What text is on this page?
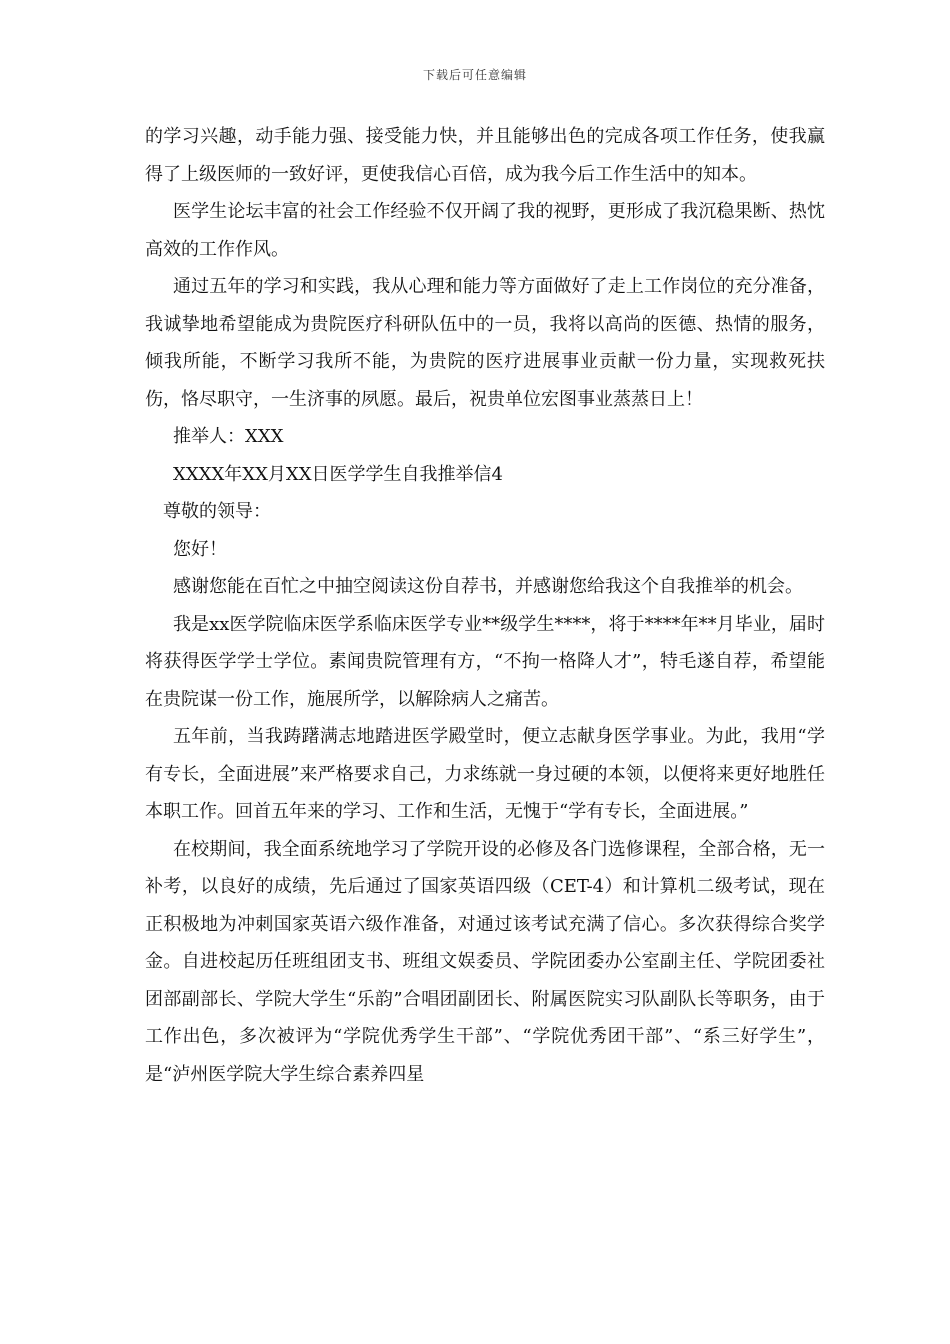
下载后可任意编辑

的学习兴趣，动手能力强、接受能力快，并且能够出色的完成各项工作任务，使我赢得了上级医师的一致好评，更使我信心百倍，成为我今后工作生活中的知本。

医学生论坛丰富的社会工作经验不仅开阔了我的视野，更形成了我沉稳果断、热忱高效的工作作风。

通过五年的学习和实践，我从心理和能力等方面做好了走上工作岗位的充分准备，我诚挚地希望能成为贵院医疗科研队伍中的一员，我将以高尚的医德、热情的服务，倾我所能，不断学习我所不能，为贵院的医疗进展事业贡献一份力量，实现救死扶伤，恪尽职守，一生济事的夙愿。最后，祝贵单位宏图事业蒸蒸日上！

推举人：XXX

XXXX年XX月XX日医学学生自我推举信4

尊敬的领导：

您好！

感谢您能在百忙之中抽空阅读这份自荐书，并感谢您给我这个自我推举的机会。

我是xx医学院临床医学系临床医学专业**级学生****，将于****年**月毕业，届时将获得医学学士学位。素闻贵院管理有方，“不拘一格降人才”，特毛遂自荐，希望能在贵院谋一份工作，施展所学，以解除病人之痛苦。

五年前，当我踌躇满志地踏进医学殿堂时，便立志献身医学事业。为此，我用“学有专长，全面进展”来严格要求自己，力求练就一身过硬的本领，以便将来更好地胜任本职工作。回首五年来的学习、工作和生活，无愧于“学有专长，全面进展。”

在校期间，我全面系统地学习了学院开设的必修及各门选修课程，全部合格，无一补考，以良好的成绩，先后通过了国家英语四级（CET-4）和计算机二级考试，现在正积极地为冲刺国家英语六级作准备，对通过该考试充满了信心。多次获得综合奖学金。自进校起历任班组团支书、班组文娱委员、学院团委办公室副主任、学院团委社团部副部长、学院大学生“乐韵”合唱团副团长、附属医院实习队副队长等职务，由于工作出色，多次被评为“学院优秀学生干部”、“学院优秀团干部”、“系三好学生”，是“泸州医学院大学生综合素养四星
